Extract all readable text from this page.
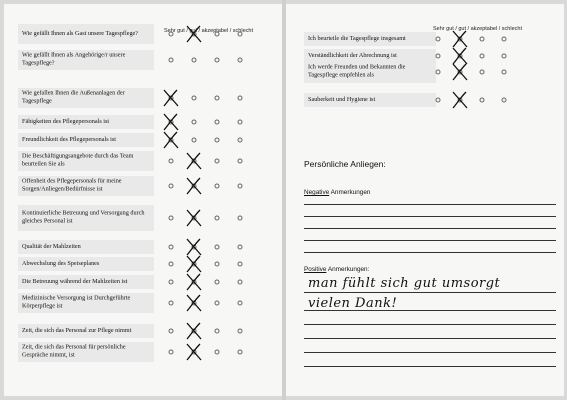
Sehr gut / gut / akzeptabel / schlecht
Wie gefällt Ihnen als Gast unsere Tagespflege?
Wie gefällt Ihnen als Angehörige/r unsere Tagespflege?
Wie gefallen Ihnen die Außenanlagen der Tagespflege
Fähigkeiten des Pflegepersonals ist
Freundlichkeit des Pflegepersonals ist
Die Beschäftigungsangebote durch das Team beurteilen Sie als
Offenheit des Pflegepersonals für meine Sorgen/Anliegen/Bedürfnisse ist
Kontinuierliche Betreuung und Versorgung durch gleiches Personal ist
Qualität der Mahlzeiten
Abwechslung des Speiseplanes
Die Betreuung während der Mahlzeiten ist
Medizinische Versorgung ist Durchgeführte Körperpflege ist
Zeit, die sich das Personal zur Pflege nimmt
Zeit, die sich das Personal für persönliche Gespräche nimmt, ist
Sehr gut / gut / akzeptabel / schlecht
Ich beurteile die Tagespflege insgesamt
Verständlichkeit der Abrechnung ist
Ich werde Freunden und Bekannten die Tagespflege empfehlen als
Sauberkeit und Hygiene ist
Persönliche Anliegen:
Negative Anmerkungen
Positive Anmerkungen:
man fühlt sich gut umsorgt
vielen Dank!
